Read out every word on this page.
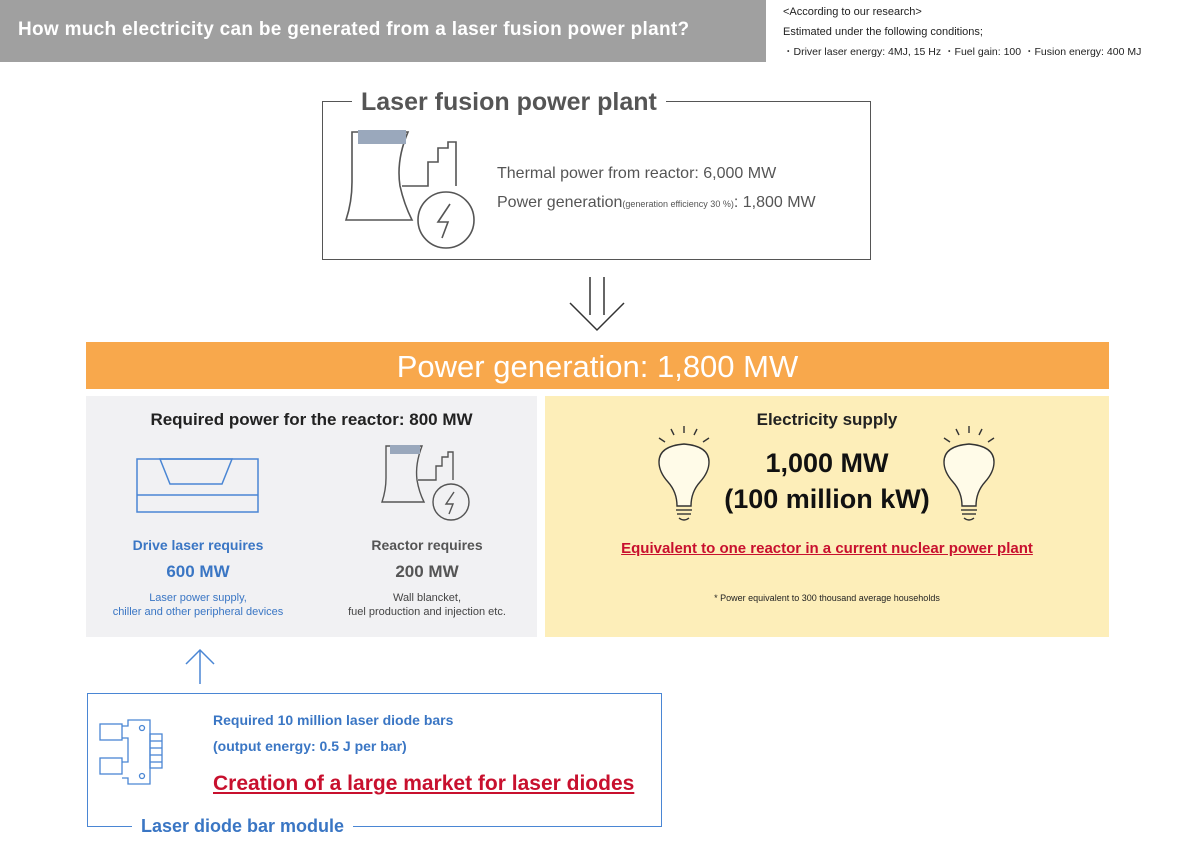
How much electricity can be generated from a laser fusion power plant?
<According to our research>
Estimated under the following conditions;
・Driver laser energy: 4MJ, 15 Hz ・Fuel gain: 100 ・Fusion energy: 400 MJ
Laser fusion power plant
Thermal power from reactor: 6,000 MW
Power generation(generation efficiency 30 %): 1,800 MW
Power generation: 1,800 MW
Required power for the reactor: 800 MW
Drive laser requires
600 MW
Laser power supply,
chiller and other peripheral devices
Reactor requires
200 MW
Wall blancket,
fuel production and injection etc.
Electricity supply
1,000 MW
(100 million kW)
Equivalent to one reactor in a current nuclear power plant
* Power equivalent to 300 thousand average households
Laser diode bar module
Required 10 million laser diode bars
(output energy: 0.5 J per bar)
Creation of a large market for laser diodes
